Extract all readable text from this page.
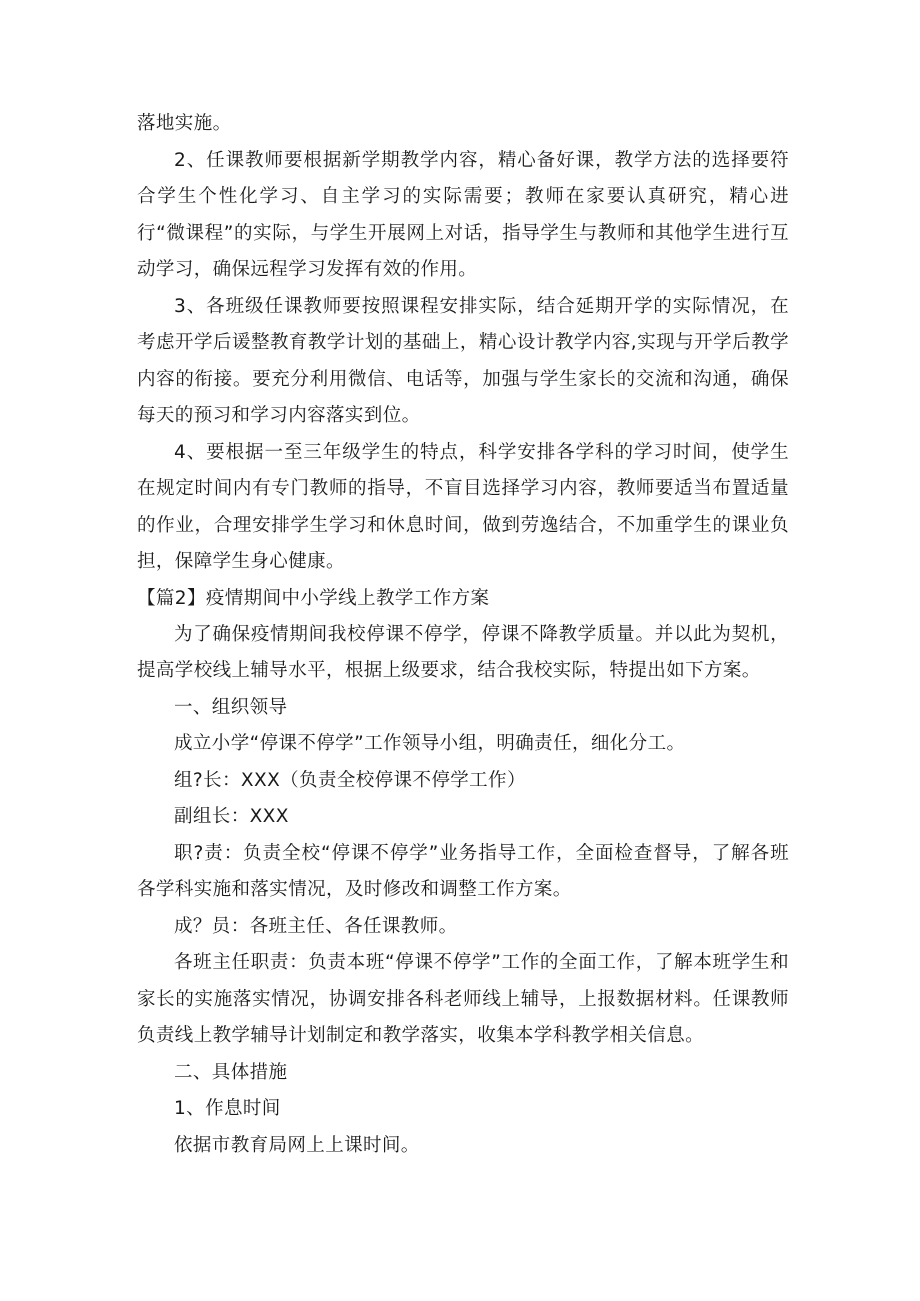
落地实施。

2、任课教师要根据新学期教学内容，精心备好课，教学方法的选择要符合学生个性化学习、自主学习的实际需要；教师在家要认真研究，精心进行“微课程”的实际，与学生开展网上对话，指导学生与教师和其他学生进行互动学习，确保远程学习发挥有效的作用。

3、各班级任课教师要按照课程安排实际，结合延期开学的实际情况，在考虑开学后谖整教育教学计划的基础上，精心设计教学内容,实现与开学后教学内容的衔接。要充分利用微信、电话等，加强与学生家长的交流和沟通，确保每天的预习和学习内容落实到位。

4、要根据一至三年级学生的特点，科学安排各学科的学习时间，使学生在规定时间内有专门教师的指导，不盲目选择学习内容，教师要适当布置适量的作业，合理安排学生学习和休息时间，做到劳逸结合，不加重学生的课业负担，保障学生身心健康。

【篇2】疫情期间中小学线上教学工作方案

为了确保疫情期间我校停课不停学，停课不降教学质量。并以此为契机，提高学校线上辅导水平，根据上级要求，结合我校实际，特提出如下方案。

一、组织领导

成立小学“停课不停学”工作领导小组，明确责任，细化分工。

组?长：XXX（负责全校停课不停学工作）

副组长：XXX

职?责：负责全校“停课不停学”业务指导工作，全面检查督导，了解各班各学科实施和落实情况，及时修改和调整工作方案。

成？员：各班主任、各任课教师。

各班主任职责：负责本班“停课不停学”工作的全面工作，了解本班学生和家长的实施落实情况，协调安排各科老师线上辅导，上报数据材料。任课教师负责线上教学辅导计划制定和教学落实，收集本学科教学相关信息。

二、具体措施

1、作息时间

依据市教育局网上上课时间。
